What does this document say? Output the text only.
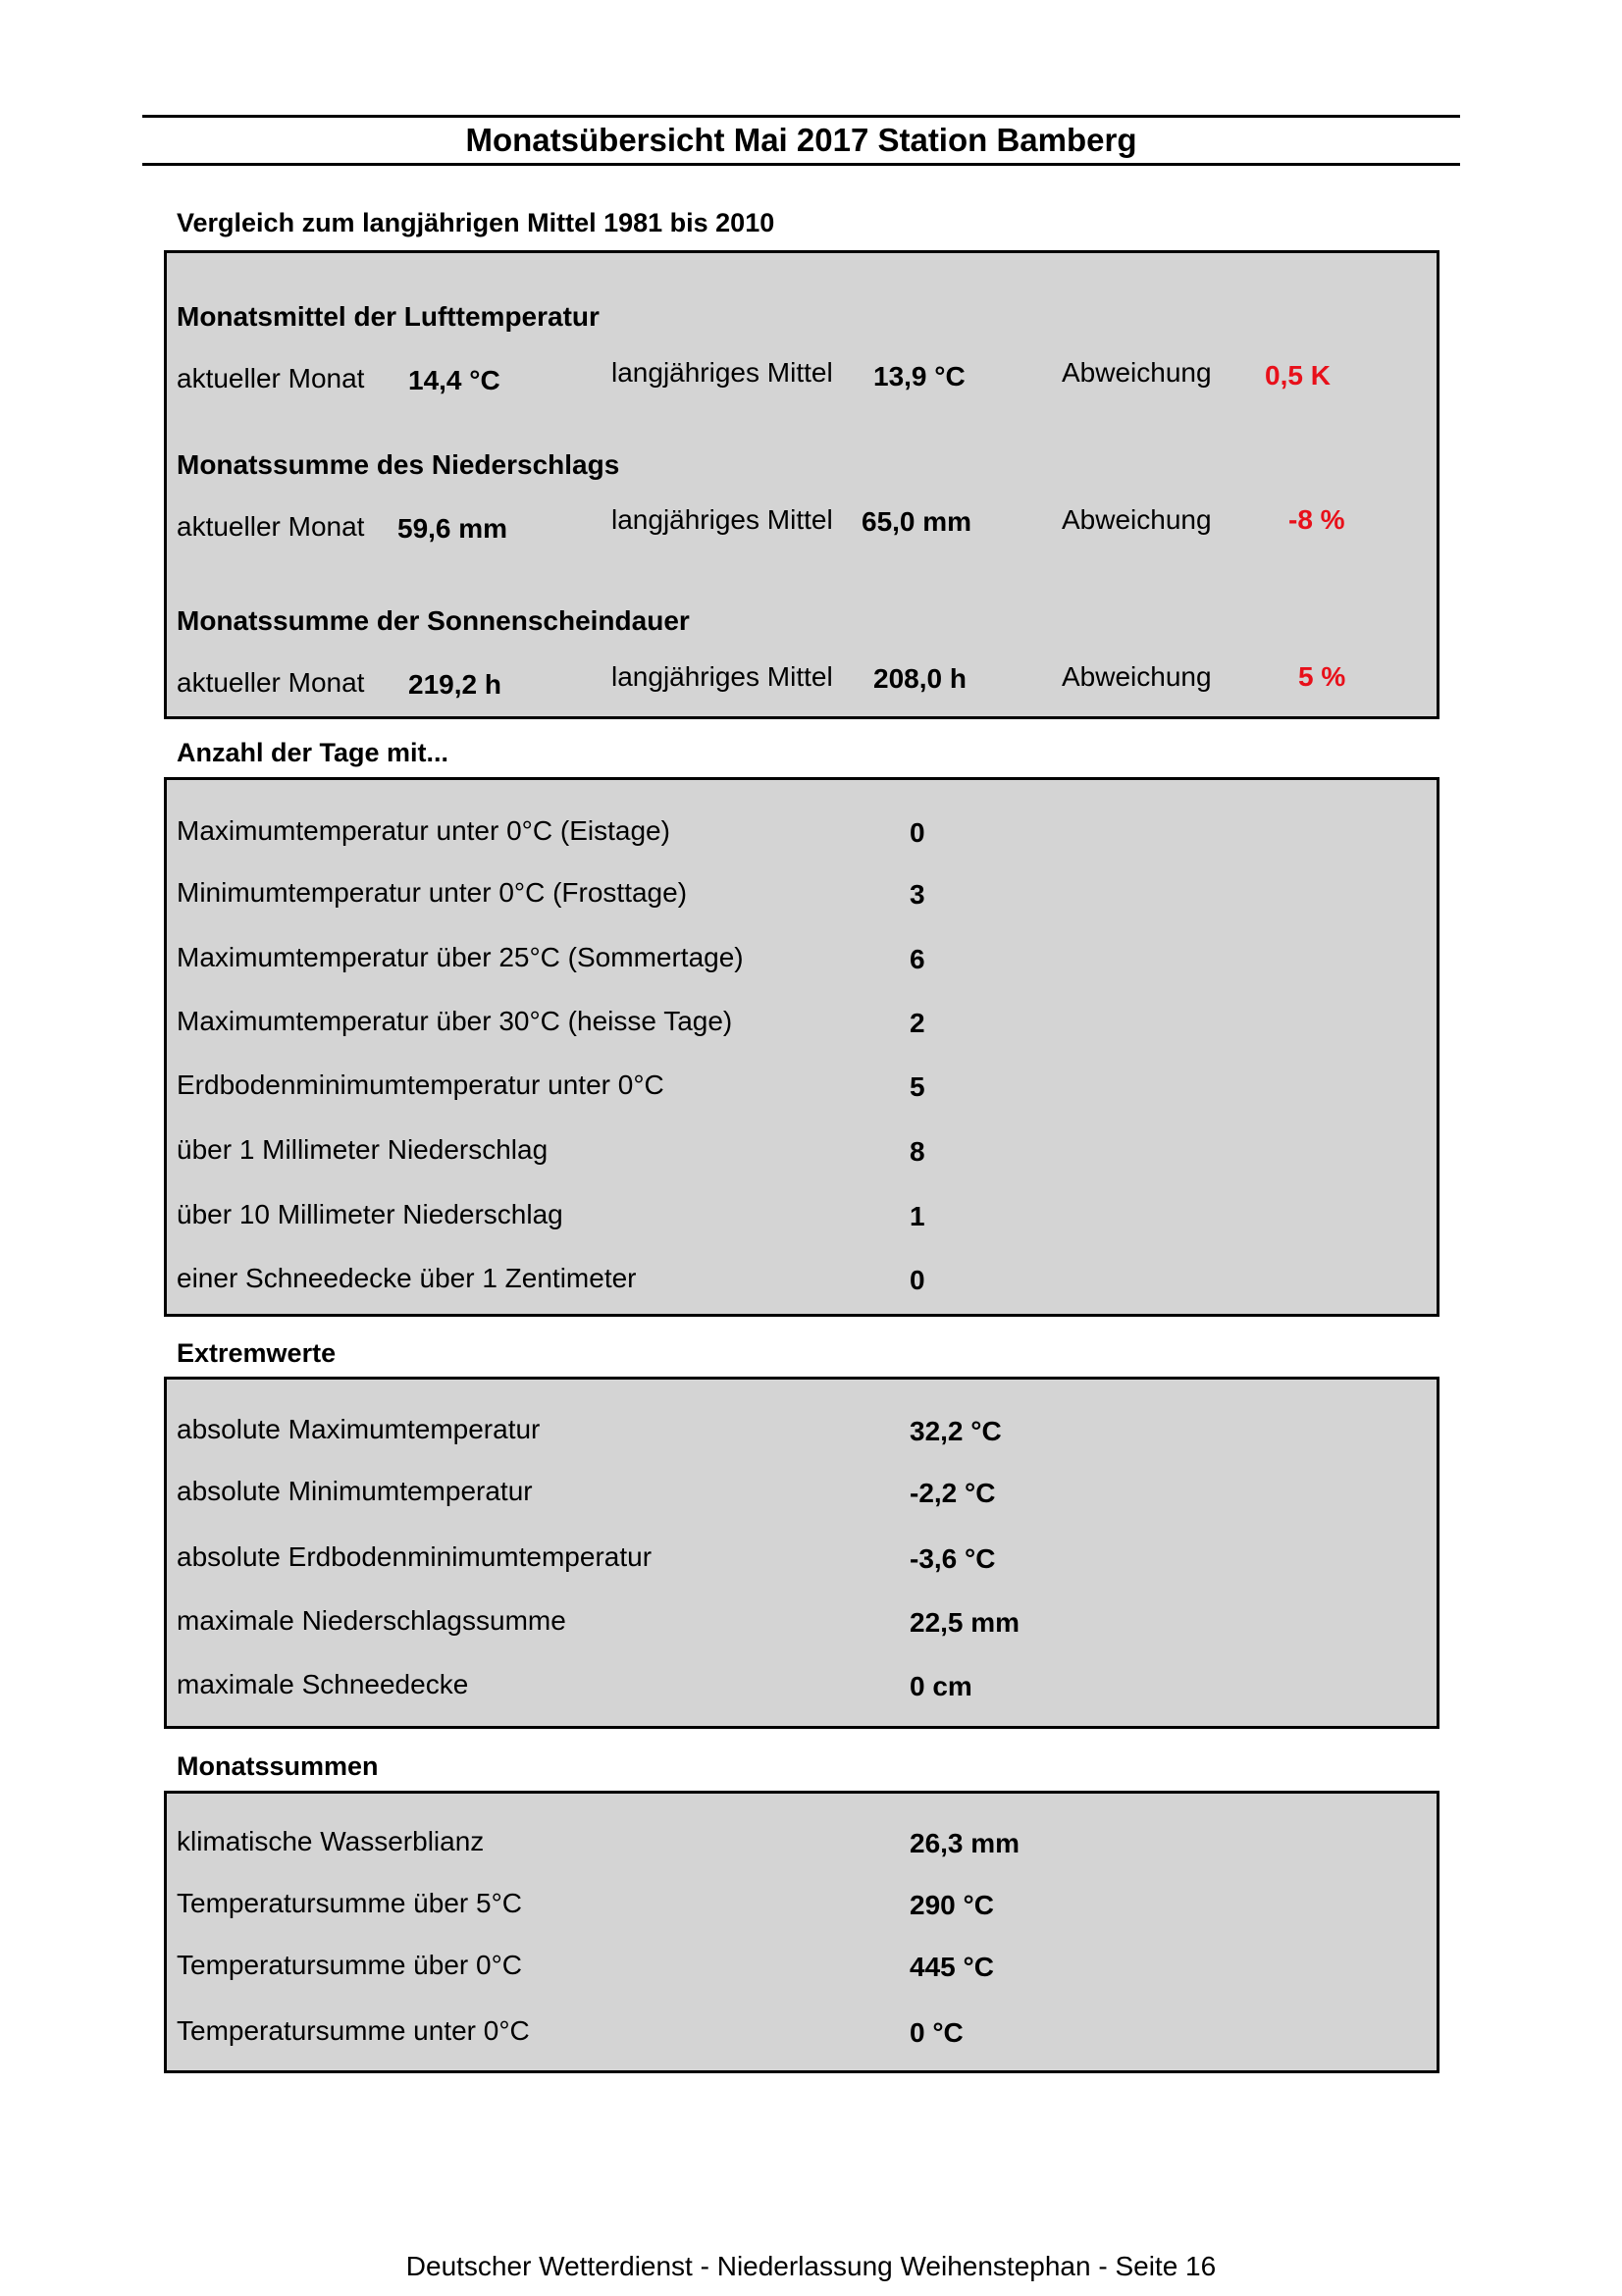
Monatsübersicht Mai 2017 Station Bamberg
Vergleich zum langjährigen Mittel 1981 bis 2010
Monatsmittel der Lufttemperatur
aktueller Monat 14,4 °C	langjähriges Mittel 13,9 °C	Abweichung 0,5 K
Monatssumme des Niederschlags
aktueller Monat 59,6 mm	langjähriges Mittel 65,0 mm	Abweichung	-8 %
Monatssumme der Sonnenscheindauer
aktueller Monat 219,2 h	langjähriges Mittel 208,0 h	Abweichung	5 %
Anzahl der Tage mit...
Maximumtemperatur unter 0°C (Eistage)	0
Minimumtemperatur unter 0°C (Frosttage)	3
Maximumtemperatur über 25°C (Sommertage)	6
Maximumtemperatur über 30°C (heisse Tage)	2
Erdbodenminimumtemperatur unter 0°C	5
über 1 Millimeter Niederschlag	8
über 10 Millimeter Niederschlag	1
einer Schneedecke über 1 Zentimeter	0
Extremwerte
absolute Maximumtemperatur	32,2 °C
absolute Minimumtemperatur	-2,2 °C
absolute Erdbodenminimumtemperatur	-3,6 °C
maximale Niederschlagssumme	22,5 mm
maximale Schneedecke	0 cm
Monatssummen
klimatische Wasserblianz	26,3 mm
Temperatursumme über 5°C	290 °C
Temperatursumme über 0°C	445 °C
Temperatursumme unter 0°C	0 °C
Deutscher Wetterdienst - Niederlassung Weihenstephan - Seite 16
